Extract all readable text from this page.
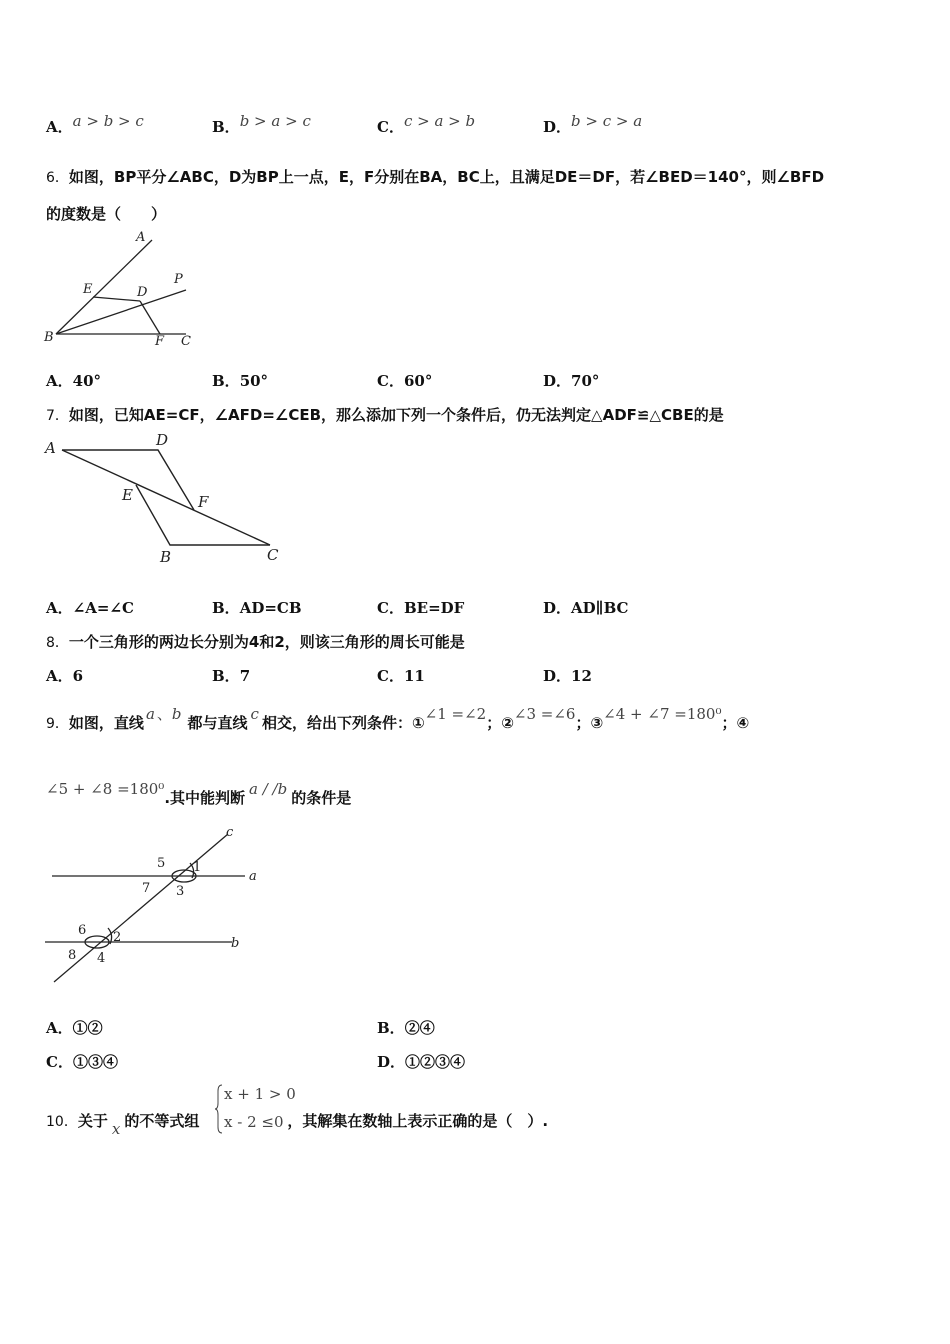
A．a > b > c	B．b > a > c	C．c > a > b	D．b > c > a
6．如图，BP平分∠ABC，D为BP上一点，E，F分别在BA，BC上，且满足DE＝DF，若∠BED＝140°，则∠BFD
的度数是（　　）
A
E	D
P
B	F C
A．40°	B．50°	C．60°	D．70°
7．如图，已知AE=CF，∠AFD=∠CEB，那么添加下列一个条件后，仍无法判定△ADF≌△CBE的是
A	D
E	F
B	C
A．∠A=∠C	B．AD=CB	C．BE=DF	D．AD∥BC
8．一个三角形的两边长分别为4和2，则该三角形的周长可能是
A．6	B．7	C．11	D．12
9．如图，直线 a 、b 都与直线 c 相交，给出下列条件：①∠1 =∠2；②∠3 =∠6；③∠4 + ∠7 =180⁰；④
∠5 + ∠8 =180⁰.其中能判断 a / /b 的条件是
c
a
b
1
5
7 3
6 2
8 4
A．①②	B．②④
C．①③④	D．①②③④
10．关于 x 的不等式组	，其解集在数轴上表示正确的是（　）.
x + 1 > 0
x - 2 ≤0
